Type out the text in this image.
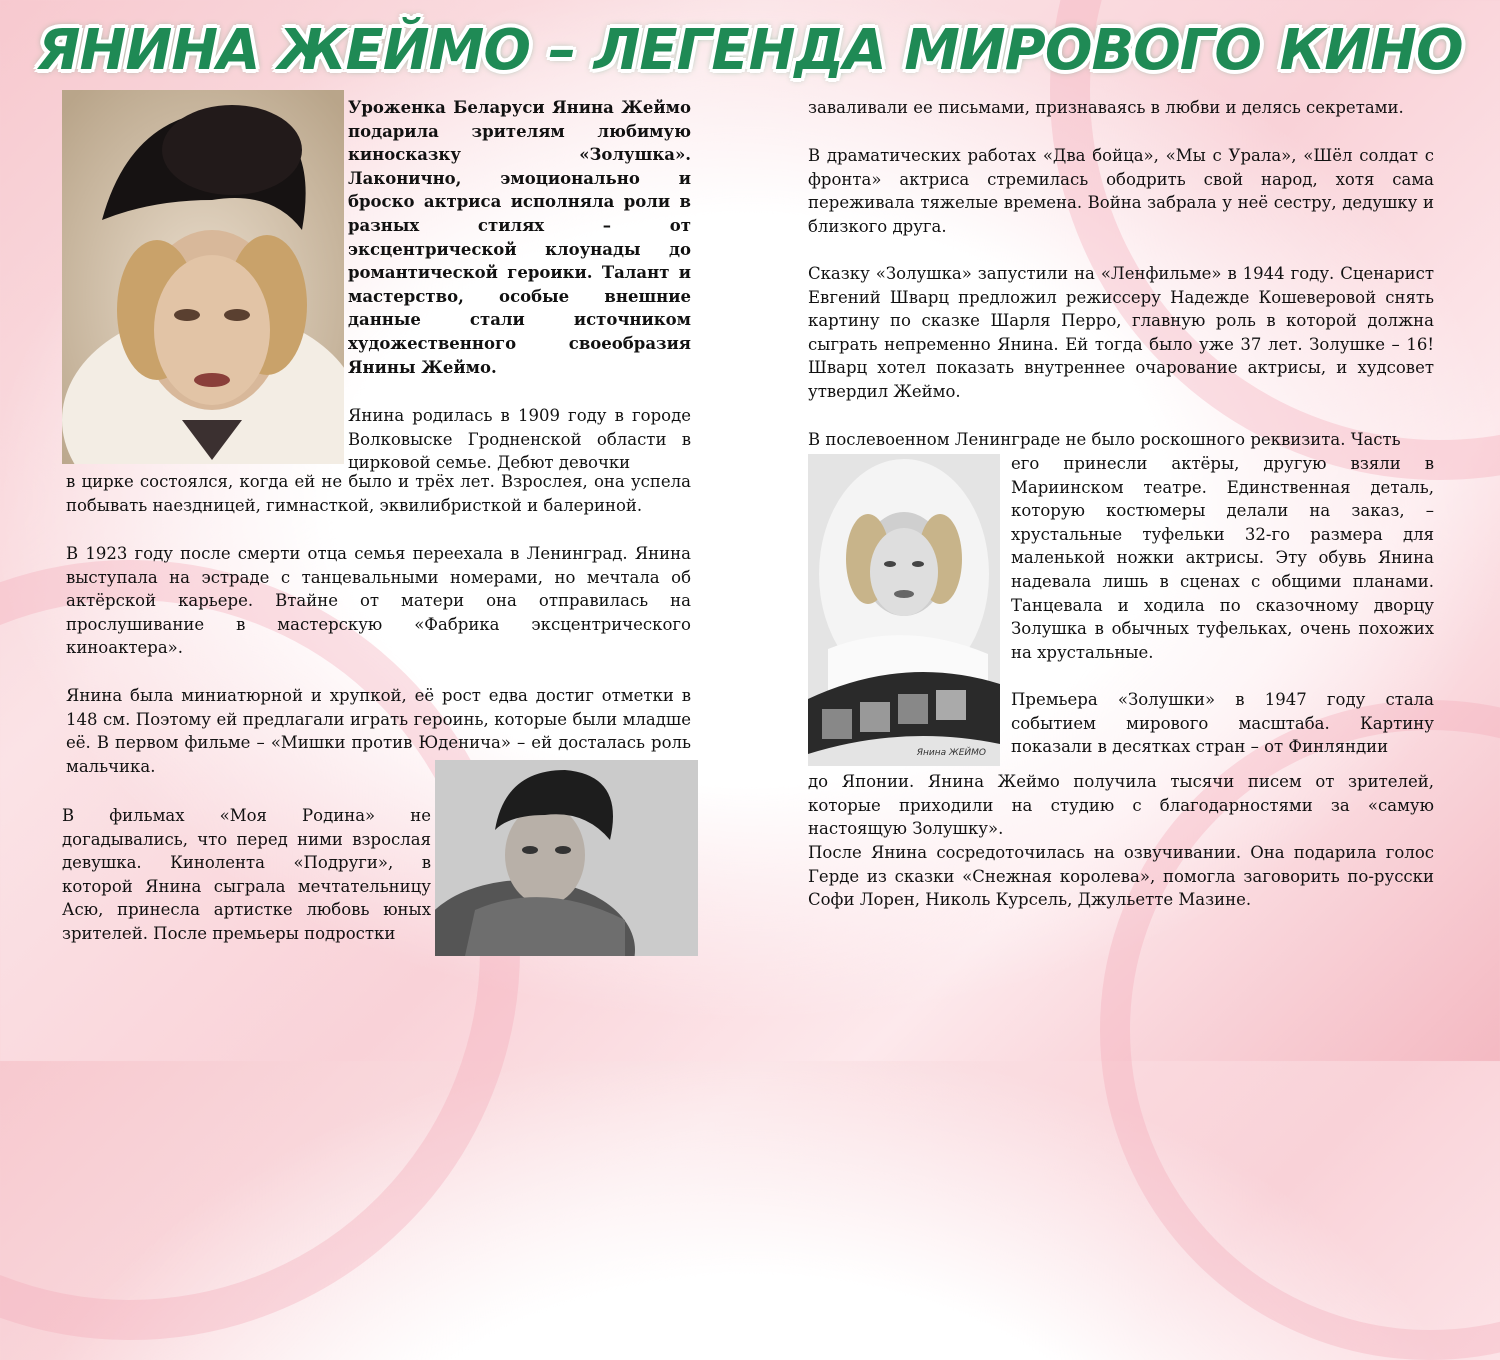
ЯНИНА ЖЕЙМО – ЛЕГЕНДА МИРОВОГО КИНО

Уроженка Беларуси Янина Жеймо подарила зрителям любимую киносказку «Золушка». Лаконично, эмоционально и броско актриса исполняла роли в разных стилях – от эксцентрической клоунады до романтической героики. Талант и мастерство, особые внешние данные стали источником художественного своеобразия Янины Жеймо.

Янина родилась в 1909 году в городе Волковыске Гродненской области в цирковой семье. Дебют девочки

в цирке состоялся, когда ей не было и трёх лет. Взрослея, она успела побывать наездницей, гимнасткой, эквилибристкой и балериной.

В 1923 году после смерти отца семья переехала в Ленинград. Янина выступала на эстраде с танцевальными номерами, но мечтала об актёрской карьере. Втайне от матери она отправилась на прослушивание в мастерскую «Фабрика эксцентрического киноактера».

Янина была миниатюрной и хрупкой, её рост едва достиг отметки в 148 см. Поэтому ей предлагали играть героинь, которые были младше её. В первом фильме – «Мишки против Юденича» – ей досталась роль мальчика.

В фильмах «Моя Родина» не догадывались, что перед ними взрослая девушка. Кинолента «Подруги», в которой Янина сыграла мечтательницу Асю, принесла артистке любовь юных зрителей. После премьеры подростки

заваливали ее письмами, признаваясь в любви и делясь секретами.

В драматических работах «Два бойца», «Мы с Урала», «Шёл солдат с фронта» актриса стремилась ободрить свой народ, хотя сама переживала тяжелые времена. Война забрала у неё сестру, дедушку и близкого друга.

Сказку «Золушка» запустили на «Ленфильме» в 1944 году. Сценарист Евгений Шварц предложил режиссеру Надежде Кошеверовой снять картину по сказке Шарля Перро, главную роль в которой должна сыграть непременно Янина. Ей тогда было уже 37 лет. Золушке – 16! Шварц хотел показать внутреннее очарование актрисы, и худсовет утвердил Жеймо.

В послевоенном Ленинграде не было роскошного реквизита. Часть

Янина ЖЕЙМО

его принесли актёры, другую взяли в Мариинском театре. Единственная деталь, которую костюмеры делали на заказ, – хрустальные туфельки 32-го размера для маленькой ножки актрисы. Эту обувь Янина надевала лишь в сценах с общими планами. Танцевала и ходила по сказочному дворцу Золушка в обычных туфельках, очень похожих на хрустальные.

Премьера «Золушки» в 1947 году стала событием мирового масштаба. Картину показали в десятках стран – от Финляндии

до Японии. Янина Жеймо получила тысячи писем от зрителей, которые приходили на студию с благодарностями за «самую настоящую Золушку».

После Янина сосредоточилась на озвучивании. Она подарила голос Герде из сказки «Снежная королева», помогла заговорить по-русски Софи Лорен, Николь Курсель, Джульетте Мазине.
